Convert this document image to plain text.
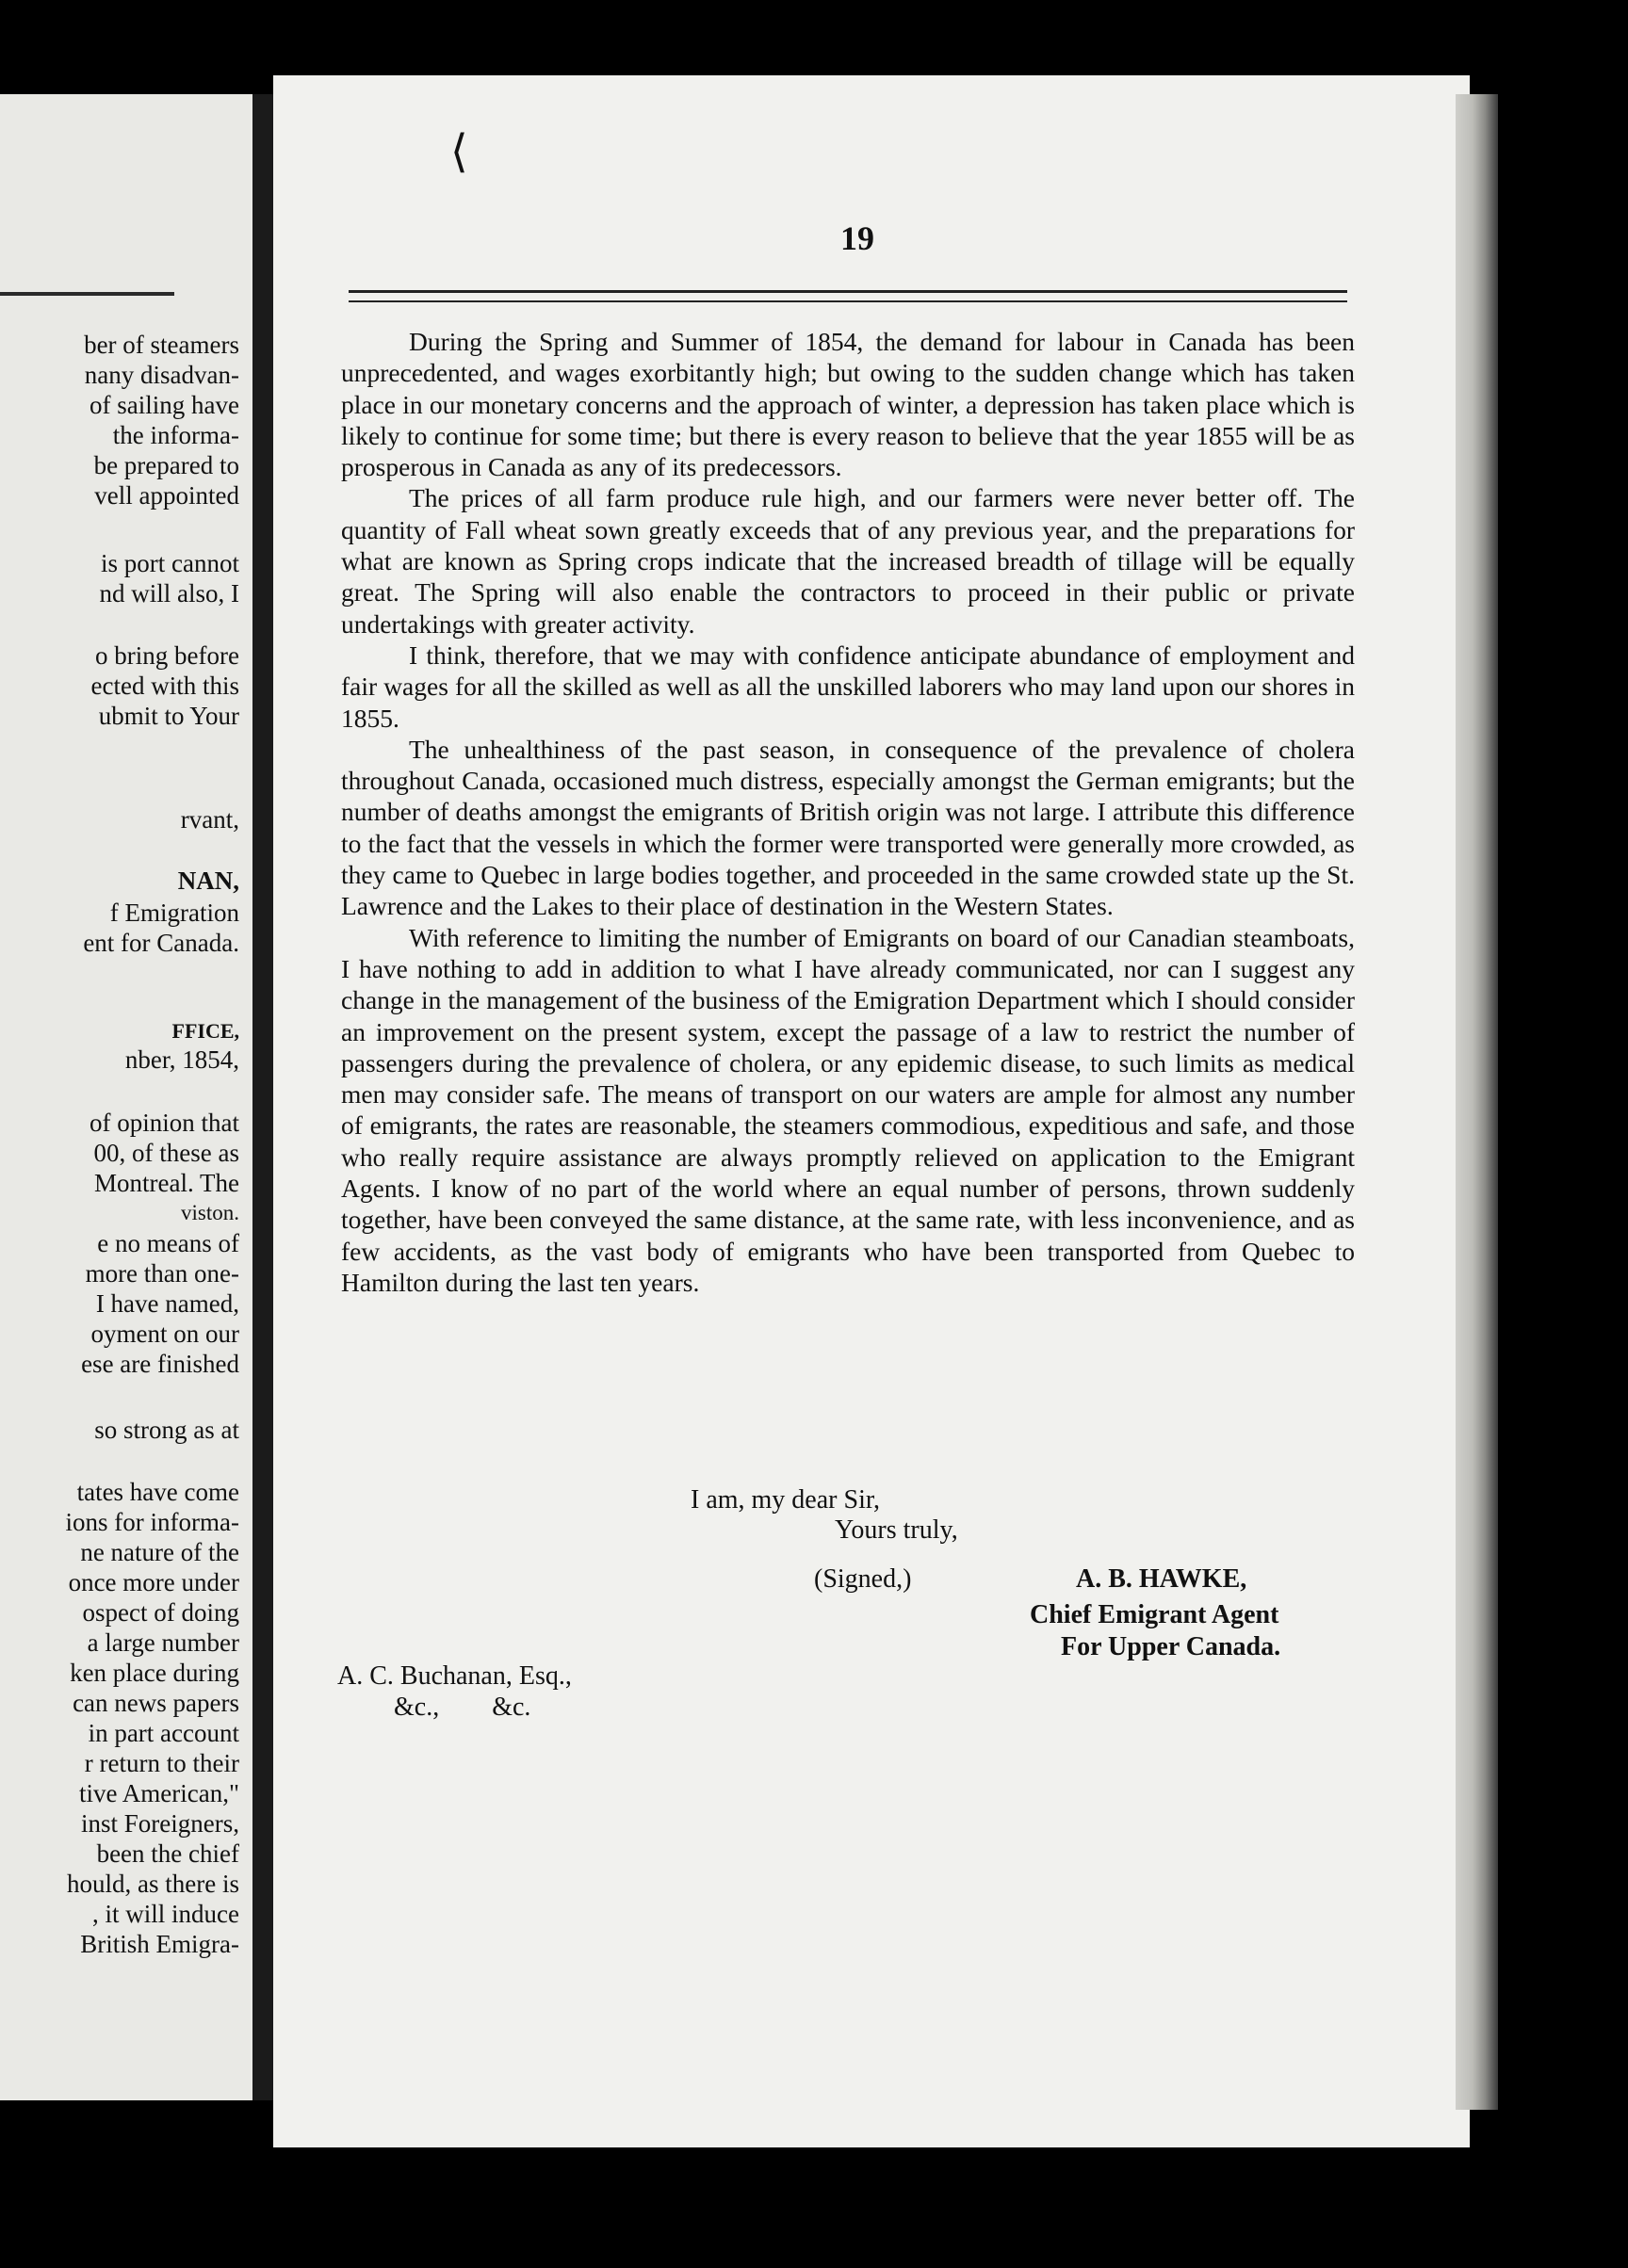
ber of steamers
nany disadvan-
of sailing have
the informa-
be prepared to
vell appointed
is port cannot
nd will also, I
o bring before
ected with this
ubmit to Your
rvant,
NAN,
f Emigration
ent for Canada.
FFICE,
nber, 1854,
of opinion that
00, of these as
Montreal. The
viston.
e no means of
more than one-
I have named,
oyment on our
ese are finished
so strong as at
tates have come
ions for informa-
ne nature of the
once more under
ospect of doing
a large number
ken place during
can news papers
in part account
r return to their
tive American,"
inst Foreigners,
been the chief
hould, as there is
, it will induce
British Emigra-
⟨
19

During the Spring and Summer of 1854, the demand for labour in Canada has been unprecedented, and wages exorbitantly high; but owing to the sudden change which has taken place in our monetary concerns and the approach of winter, a depression has taken place which is likely to continue for some time; but there is every reason to believe that the year 1855 will be as prosperous in Canada as any of its predecessors.

The prices of all farm produce rule high, and our farmers were never better off. The quantity of Fall wheat sown greatly exceeds that of any previous year, and the preparations for what are known as Spring crops indicate that the increased breadth of tillage will be equally great. The Spring will also enable the contractors to proceed in their public or private undertakings with greater activity.

I think, therefore, that we may with confidence anticipate abundance of employment and fair wages for all the skilled as well as all the unskilled laborers who may land upon our shores in 1855.

The unhealthiness of the past season, in consequence of the prevalence of cholera throughout Canada, occasioned much distress, especially amongst the German emigrants; but the number of deaths amongst the emigrants of British origin was not large. I attribute this difference to the fact that the vessels in which the former were transported were generally more crowded, as they came to Quebec in large bodies together, and proceeded in the same crowded state up the St. Lawrence and the Lakes to their place of destination in the Western States.

With reference to limiting the number of Emigrants on board of our Canadian steamboats, I have nothing to add in addition to what I have already communicated, nor can I suggest any change in the management of the business of the Emigration Department which I should consider an improvement on the present system, except the passage of a law to restrict the number of passengers during the prevalence of cholera, or any epidemic disease, to such limits as medical men may consider safe. The means of transport on our waters are ample for almost any number of emigrants, the rates are reasonable, the steamers commodious, expeditious and safe, and those who really require assistance are always promptly relieved on application to the Emigrant Agents. I know of no part of the world where an equal number of persons, thrown suddenly together, have been conveyed the same distance, at the same rate, with less inconvenience, and as few accidents, as the vast body of emigrants who have been transported from Quebec to Hamilton during the last ten years.

I am, my dear Sir,
Yours truly,
(Signed,)	A. B. HAWKE,
Chief Emigrant Agent
For Upper Canada.
A. C. Buchanan, Esq.,
&c.,        &c.
